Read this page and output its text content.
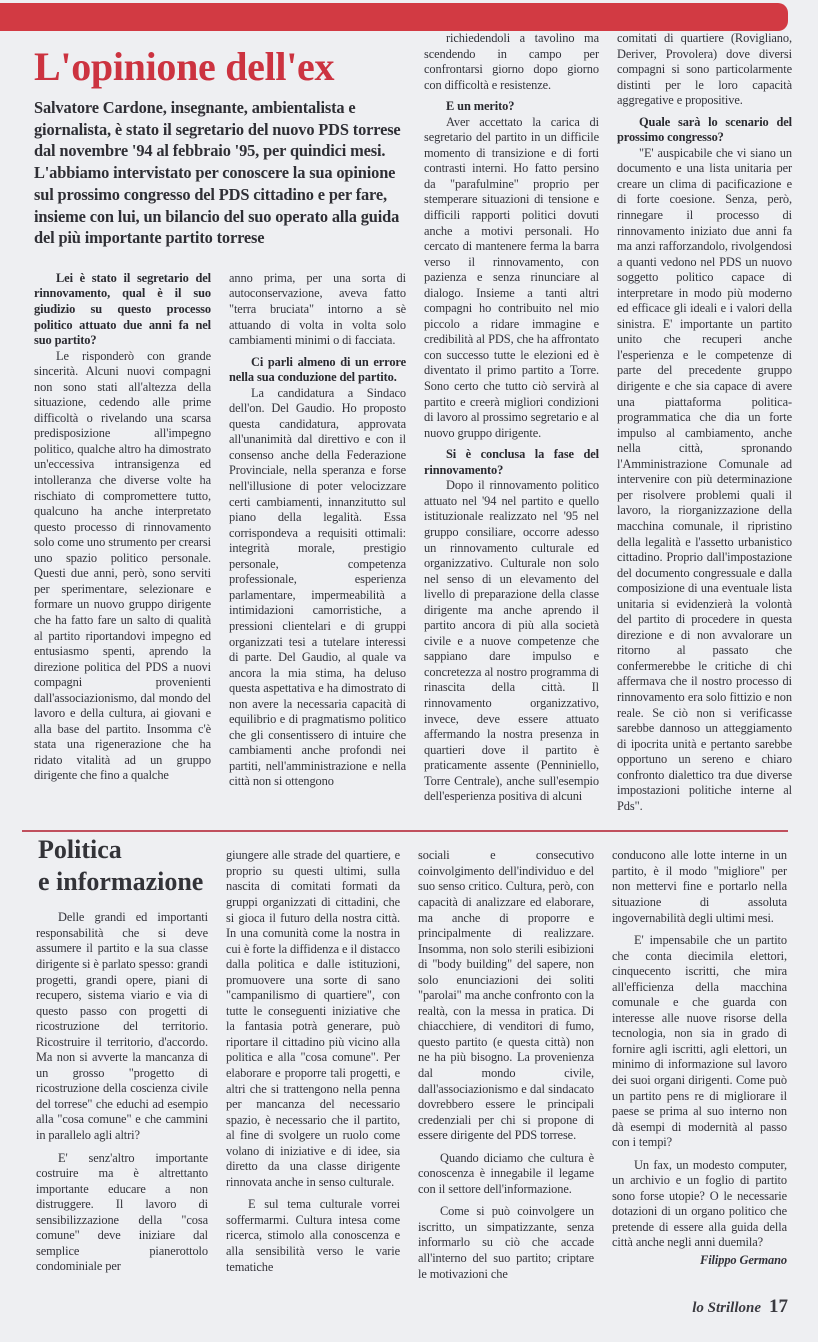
L'opinione dell'ex

Salvatore Cardone, insegnante, ambientalista e giornalista, è stato il segretario del nuovo PDS torrese dal novembre '94 al febbraio '95, per quindici mesi. L'abbiamo intervistato per conoscere la sua opinione sul prossimo congresso del PDS cittadino e per fare, insieme con lui, un bilancio del suo operato alla guida del più importante partito torrese

Lei è stato il segretario del rinnovamento, qual è il suo giudizio su questo processo politico attuato due anni fa nel suo partito?

Le risponderò con grande sincerità. Alcuni nuovi compagni non sono stati all'altezza della situazione, cedendo alle prime difficoltà o rivelando una scarsa predisposizione all'impegno politico, qualche altro ha dimostrato un'eccessiva intransigenza ed intolleranza che diverse volte ha rischiato di compromettere tutto, qualcuno ha anche interpretato questo processo di rinnovamento solo come uno strumento per crearsi uno spazio politico personale. Questi due anni, però, sono serviti per sperimentare, selezionare e formare un nuovo gruppo dirigente che ha fatto fare un salto di qualità al partito riportandovi impegno ed entusiasmo spenti, aprendo la direzione politica del PDS a nuovi compagni provenienti dall'associazionismo, dal mondo del lavoro e della cultura, ai giovani e alla base del partito. Insomma c'è stata una rigenerazione che ha ridato vitalità ad un gruppo dirigente che fino a qualche

anno prima, per una sorta di autoconservazione, aveva fatto "terra bruciata" intorno a sè attuando di volta in volta solo cambiamenti minimi o di facciata.

Ci parli almeno di un errore nella sua conduzione del partito.

La candidatura a Sindaco dell'on. Del Gaudio. Ho proposto questa candidatura, approvata all'unanimità dal direttivo e con il consenso anche della Federazione Provinciale, nella speranza e forse nell'illusione di poter velocizzare certi cambiamenti, innanzitutto sul piano della legalità. Essa corrispondeva a requisiti ottimali: integrità morale, prestigio personale, competenza professionale, esperienza parlamentare, impermeabilità a intimidazioni camorristiche, a pressioni clientelari e di gruppi organizzati tesi a tutelare interessi di parte. Del Gaudio, al quale va ancora la mia stima, ha deluso questa aspettativa e ha dimostrato di non avere la necessaria capacità di equilibrio e di pragmatismo politico che gli consentissero di intuire che cambiamenti anche profondi nei partiti, nell'amministrazione e nella città non si ottengono

richiedendoli a tavolino ma scendendo in campo per confrontarsi giorno dopo giorno con difficoltà e resistenze.

E un merito?

Aver accettato la carica di segretario del partito in un difficile momento di transizione e di forti contrasti interni. Ho fatto persino da "parafulmine" proprio per stemperare situazioni di tensione e difficili rapporti politici dovuti anche a motivi personali. Ho cercato di mantenere ferma la barra verso il rinnovamento, con pazienza e senza rinunciare al dialogo. Insieme a tanti altri compagni ho contribuito nel mio piccolo a ridare immagine e credibilità al PDS, che ha affrontato con successo tutte le elezioni ed è diventato il primo partito a Torre. Sono certo che tutto ciò servirà al partito e creerà migliori condizioni di lavoro al prossimo segretario e al nuovo gruppo dirigente.

Si è conclusa la fase del rinnovamento?

Dopo il rinnovamento politico attuato nel '94 nel partito e quello istituzionale realizzato nel '95 nel gruppo consiliare, occorre adesso un rinnovamento culturale ed organizzativo. Culturale non solo nel senso di un elevamento del livello di preparazione della classe dirigente ma anche aprendo il partito ancora di più alla società civile e a nuove competenze che sappiano dare impulso e concretezza al nostro programma di rinascita della città. Il rinnovamento organizzativo, invece, deve essere attuato affermando la nostra presenza in quartieri dove il partito è praticamente assente (Penniniello, Torre Centrale), anche sull'esempio dell'esperienza positiva di alcuni

comitati di quartiere (Rovigliano, Deriver, Provolera) dove diversi compagni si sono particolarmente distinti per le loro capacità aggregative e propositive.

Quale sarà lo scenario del prossimo congresso?

"E' auspicabile che vi siano un documento e una lista unitaria per creare un clima di pacificazione e di forte coesione. Senza, però, rinnegare il processo di rinnovamento iniziato due anni fa ma anzi rafforzandolo, rivolgendosi a quanti vedono nel PDS un nuovo soggetto politico capace di interpretare in modo più moderno ed efficace gli ideali e i valori della sinistra. E' importante un partito unito che recuperi anche l'esperienza e le competenze di parte del precedente gruppo dirigente e che sia capace di avere una piattaforma politica-programmatica che dia un forte impulso al cambiamento, anche nella città, spronando l'Amministrazione Comunale ad intervenire con più determinazione per risolvere problemi quali il lavoro, la riorganizzazione della macchina comunale, il ripristino della legalità e l'assetto urbanistico cittadino. Proprio dall'impostazione del documento congressuale e dalla composizione di una eventuale lista unitaria si evidenzierà la volontà del partito di procedere in questa direzione e di non avvalorare un ritorno al passato che confermerebbe le critiche di chi affermava che il nostro processo di rinnovamento era solo fittizio e non reale. Se ciò non si verificasse sarebbe dannoso un atteggiamento di ipocrita unità e pertanto sarebbe opportuno un sereno e chiaro confronto dialettico tra due diverse impostazioni politiche interne al Pds".

Politica
e informazione

Delle grandi ed importanti responsabilità che si deve assumere il partito e la sua classe dirigente si è parlato spesso: grandi progetti, grandi opere, piani di recupero, sistema viario e via di questo passo con progetti di ricostruzione del territorio. Ricostruire il territorio, d'accordo. Ma non si avverte la mancanza di un grosso "progetto di ricostruzione della coscienza civile del torrese" che educhi ad esempio alla "cosa comune" e che cammini in parallelo agli altri?

E' senz'altro importante costruire ma è altrettanto importante educare a non distruggere. Il lavoro di sensibilizzazione della "cosa comune" deve iniziare dal semplice pianerottolo condominiale per

giungere alle strade del quartiere, e proprio su questi ultimi, sulla nascita di comitati formati da gruppi organizzati di cittadini, che si gioca il futuro della nostra città. In una comunità come la nostra in cui è forte la diffidenza e il distacco dalla politica e dalle istituzioni, promuovere una sorte di sano "campanilismo di quartiere", con tutte le conseguenti iniziative che la fantasia potrà generare, può riportare il cittadino più vicino alla politica e alla "cosa comune". Per elaborare e proporre tali progetti, e altri che si trattengono nella penna per mancanza del necessario spazio, è necessario che il partito, al fine di svolgere un ruolo come volano di iniziative e di idee, sia diretto da una classe dirigente rinnovata anche in senso culturale.

E sul tema culturale vorrei soffermarmi. Cultura intesa come ricerca, stimolo alla conoscenza e alla sensibilità verso le varie tematiche

sociali e consecutivo coinvolgimento dell'individuo e del suo senso critico. Cultura, però, con capacità di analizzare ed elaborare, ma anche di proporre e principalmente di realizzare. Insomma, non solo sterili esibizioni di "body building" del sapere, non solo enunciazioni dei soliti "parolai" ma anche confronto con la realtà, con la messa in pratica. Di chiacchiere, di venditori di fumo, questo partito (e questa città) non ne ha più bisogno. La provenienza dal mondo civile, dall'associazionismo e dal sindacato dovrebbero essere le principali credenziali per chi si propone di essere dirigente del PDS torrese.

Quando diciamo che cultura è conoscenza è innegabile il legame con il settore dell'informazione.

Come si può coinvolgere un iscritto, un simpatizzante, senza informarlo su ciò che accade all'interno del suo partito; criptare le motivazioni che

conducono alle lotte interne in un partito, è il modo "migliore" per non mettervi fine e portarlo nella situazione di assoluta ingovernabilità degli ultimi mesi.

E' impensabile che un partito che conta diecimila elettori, cinquecento iscritti, che mira all'efficienza della macchina comunale e che guarda con interesse alle nuove risorse della tecnologia, non sia in grado di fornire agli iscritti, agli elettori, un minimo di informazione sul lavoro dei suoi organi dirigenti. Come può un partito pens re di migliorare il paese se prima al suo interno non dà esempi di modernità al passo con i tempi?

Un fax, un modesto computer, un archivio e un foglio di partito sono forse utopie? O le necessarie dotazioni di un organo politico che pretende di essere alla guida della città anche negli anni duemila?

Filippo Germano

lo Strillone 17
